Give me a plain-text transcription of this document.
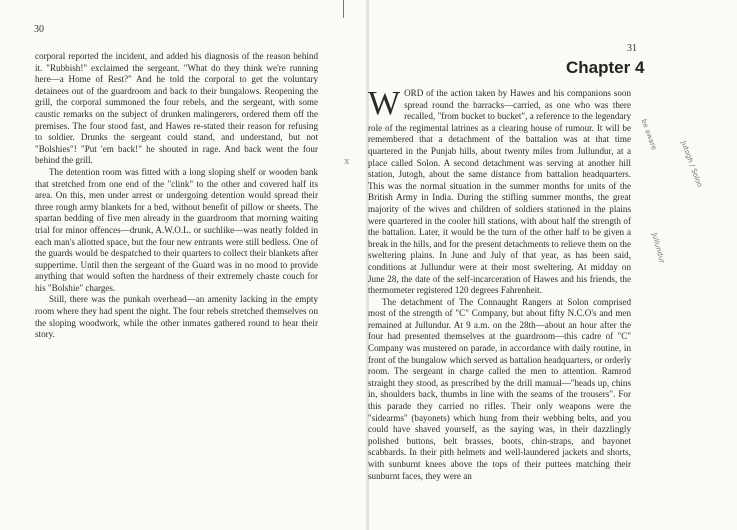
30
31

corporal reported the incident, and added his diagnosis of the reason behind it. "Rubbish!" exclaimed the sergeant. "What do they think we're running here—a Home of Rest?" And he told the corporal to get the voluntary detainees out of the guardroom and back to their bungalows. Reopening the grill, the corporal summoned the four rebels, and the sergeant, with some caustic remarks on the subject of drunken malingerers, ordered them off the premises. The four stood fast, and Hawes re-stated their reason for refusing to soldier. Drunks the sergeant could stand, and understand, but not "Bolshies"! "Put 'em back!" he shouted in rage. And back went the four behind the grill.

The detention room was fitted with a long sloping shelf or wooden bank that stretched from one end of the "clink" to the other and covered half its area. On this, men under arrest or undergoing detention would spread their three rough army blankets for a bed, without benefit of pillow or sheets. The spartan bedding of five men already in the guardroom that morning waiting trial for minor offences—drunk, A.W.O.L. or suchlike—was neatly folded in each man's allotted space, but the four new entrants were still bedless. One of the guards would be despatched to their quarters to collect their blankets after suppertime. Until then the sergeant of the Guard was in no mood to provide anything that would soften the hardness of their extremely chaste couch for his "Bolshie" charges.

Still, there was the punkah overhead—an amenity lacking in the empty room where they had spent the night. The four rebels stretched themselves on the sloping woodwork, while the other inmates gathered round to hear their story.

Chapter 4

WORD of the action taken by Hawes and his companions soon spread round the barracks—carried, as one who was there recalled, "from bucket to bucket", a reference to the legendary role of the regimental latrines as a clearing house of rumour. It will be remembered that a detachment of the battalion was at that time quartered in the Punjab hills, about twenty miles from Jullundur, at a place called Solon. A second detachment was serving at another hill station, Jutogh, about the same distance from battalion headquarters. This was the normal situation in the summer months for units of the British Army in India. During the stifling summer months, the great majority of the wives and children of soldiers stationed in the plains were quartered in the cooler hill stations, with about half the strength of the battalion. Later, it would be the turn of the other half to be given a break in the hills, and for the present detachments to relieve them on the sweltering plains. In June and July of that year, as has been said, conditions at Jullundur were at their most sweltering. At midday on June 28, the date of the self-incarceration of Hawes and his friends, the thermometer registered 120 degrees Fahrenheit.

The detachment of The Connaught Rangers at Solon comprised most of the strength of "C" Company, but about fifty N.C.O's and men remained at Jullundur. At 9 a.m. on the 28th—about an hour after the four had presented themselves at the guardroom—this cadre of "C" Company was mustered on parade, in accordance with daily routine, in front of the bungalow which served as battalion headquarters, or orderly room. The sergeant in charge called the men to attention. Ramrod straight they stood, as prescribed by the drill manual—"heads up, chins in, shoulders back, thumbs in line with the seams of the trousers". For this parade they carried no rifles. Their only weapons were the "sidearms" (bayonets) which hung from their webbing belts, and you could have shaved yourself, as the saying was, in their dazzlingly polished buttons, belt brasses, boots, chin-straps, and bayonet scabbards. In their pith helmets and well-laundered jackets and shorts, with sunburnt knees above the tops of their puttees matching their sunburnt faces, they were an

be aware
Jutogh / Solon
Jullundur
x
